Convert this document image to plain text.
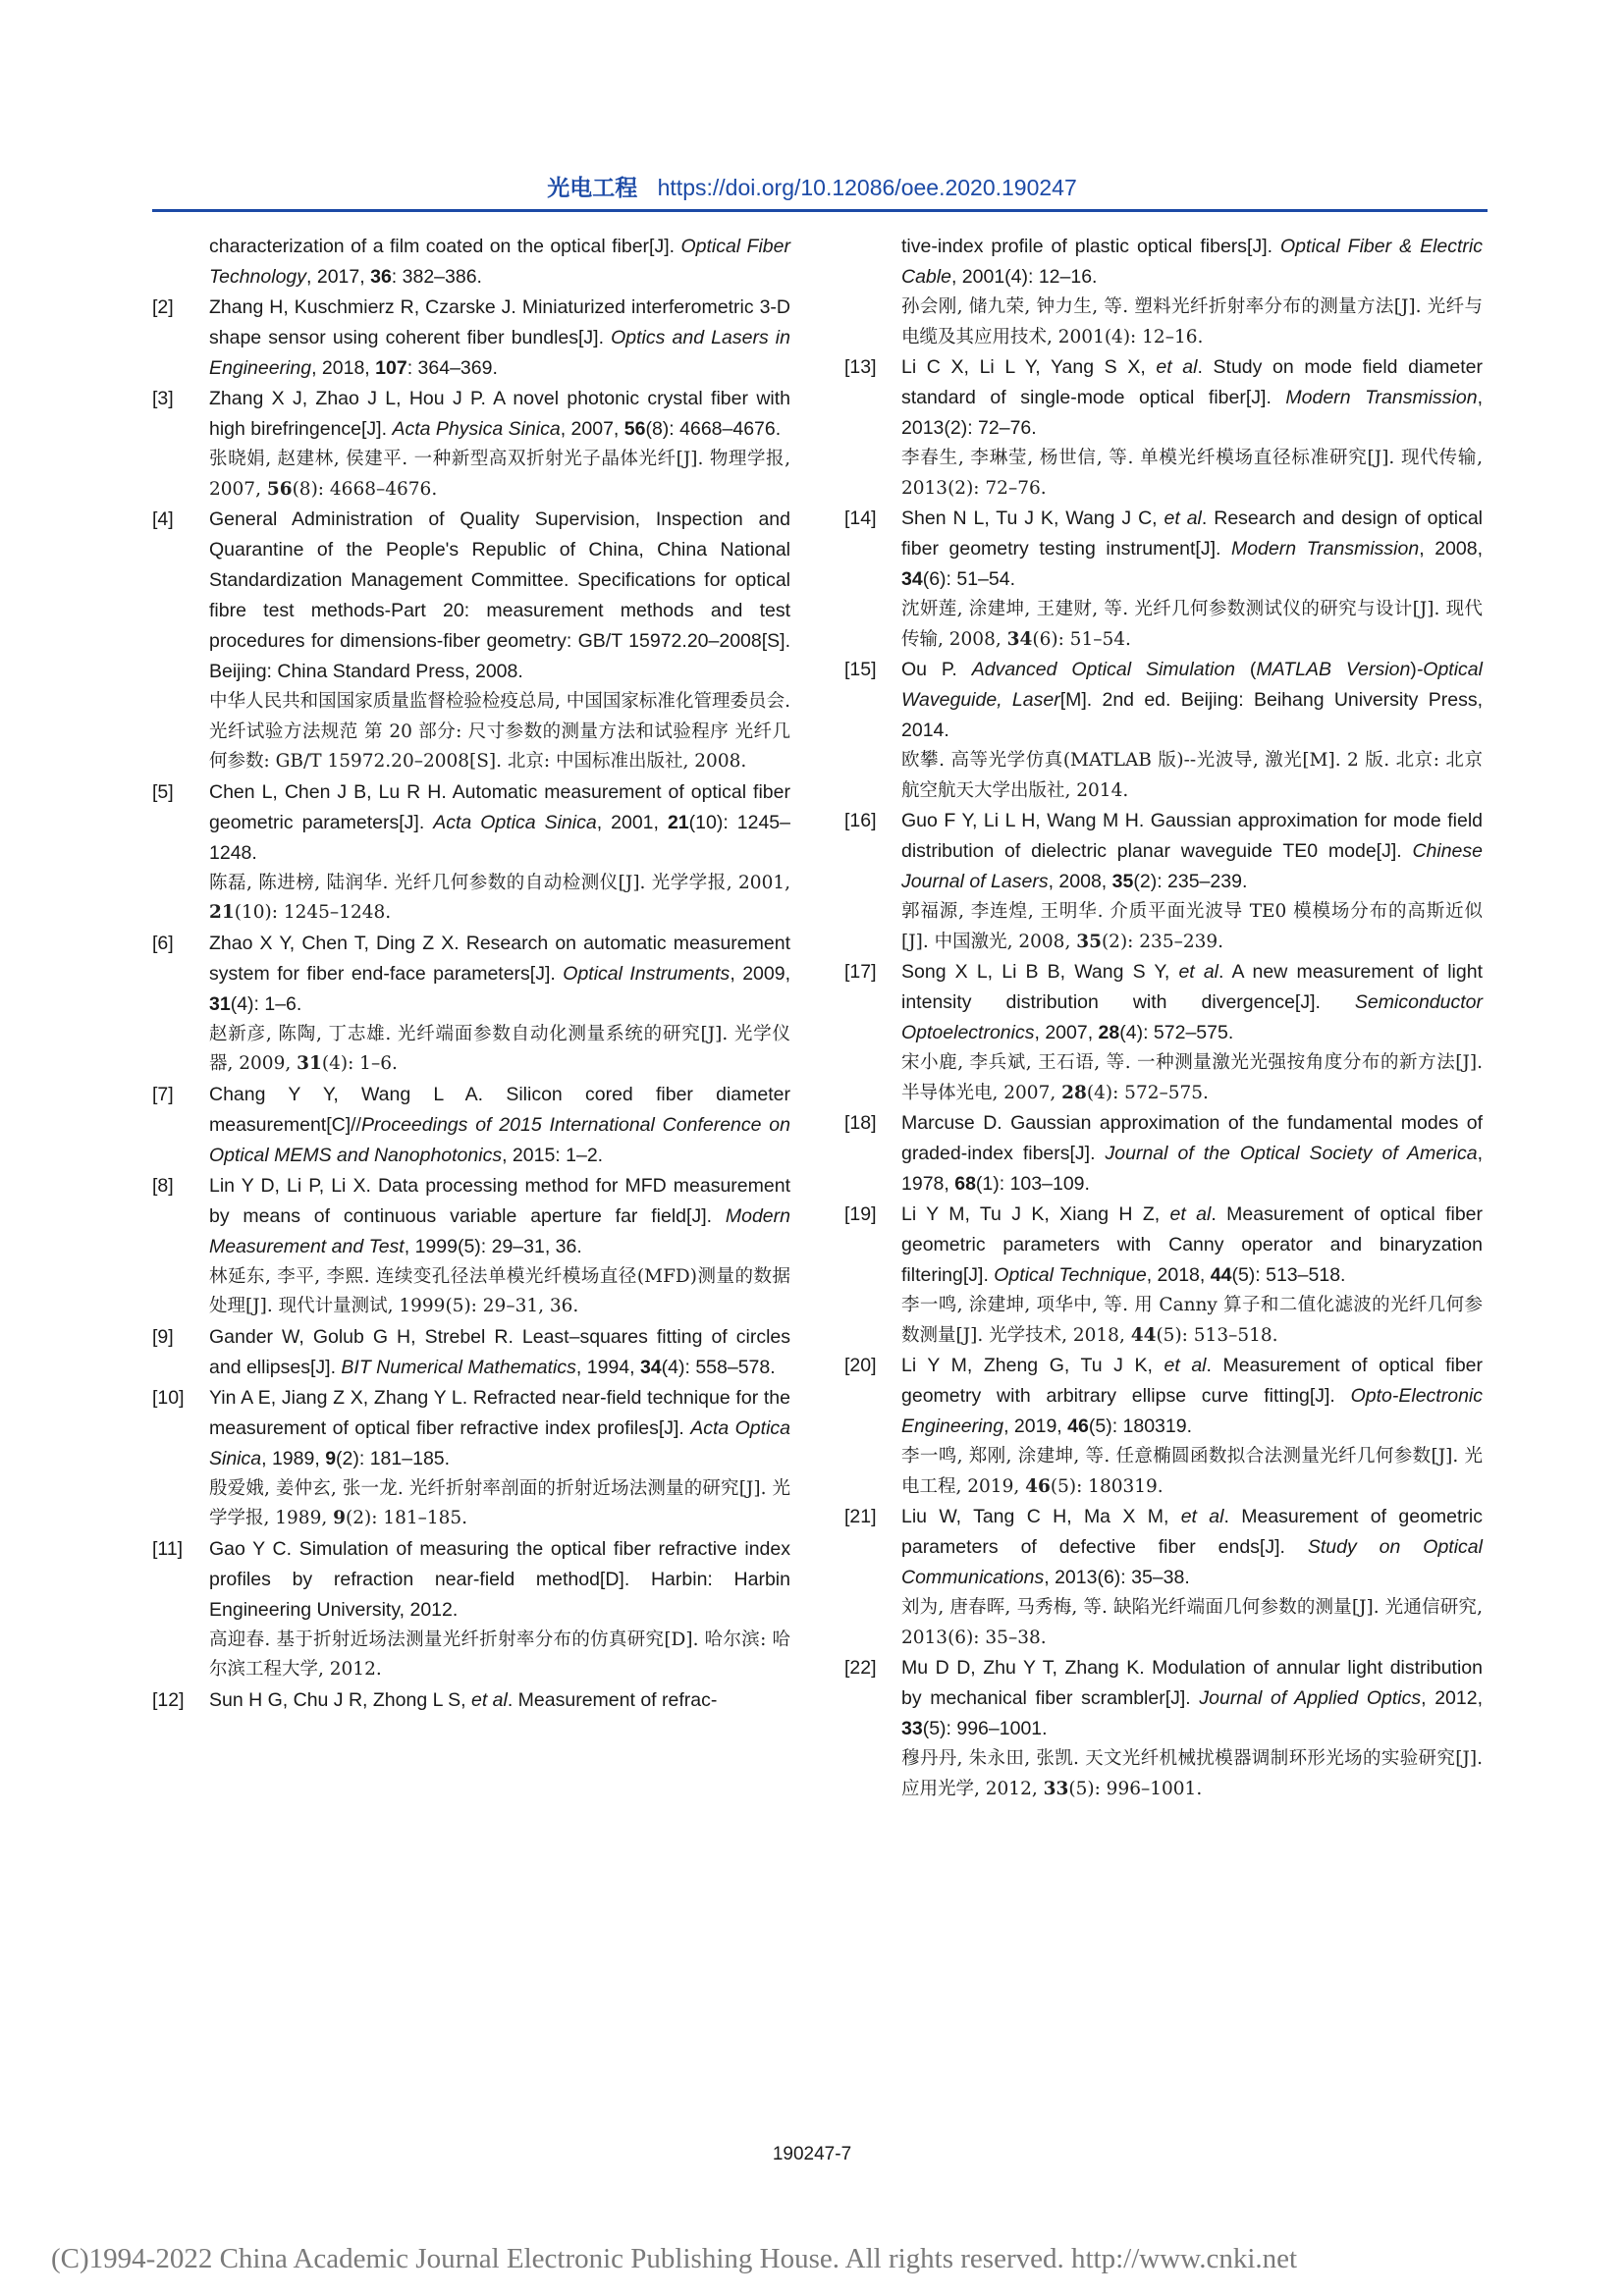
光电工程 https://doi.org/10.12086/oee.2020.190247

characterization of a film coated on the optical fiber[J]. Optical Fiber Technology, 2017, 36: 382–386.

[2] Zhang H, Kuschmierz R, Czarske J. Miniaturized interferometric 3-D shape sensor using coherent fiber bundles[J]. Optics and Lasers in Engineering, 2018, 107: 364–369.

[3] Zhang X J, Zhao J L, Hou J P. A novel photonic crystal fiber with high birefringence[J]. Acta Physica Sinica, 2007, 56(8): 4668–4676.

张晓娟, 赵建林, 侯建平. 一种新型高双折射光子晶体光纤[J]. 物理学报, 2007, 56(8): 4668–4676.

[4] General Administration of Quality Supervision, Inspection and Quarantine of the People's Republic of China, China National Standardization Management Committee. Specifications for optical fibre test methods-Part 20: measurement methods and test procedures for dimensions-fiber geometry: GB/T 15972.20–2008[S]. Beijing: China Standard Press, 2008.

中华人民共和国国家质量监督检验检疫总局, 中国国家标准化管理委员会. 光纤试验方法规范 第 20 部分: 尺寸参数的测量方法和试验程序 光纤几何参数: GB/T 15972.20–2008[S]. 北京: 中国标准出版社, 2008.

[5] Chen L, Chen J B, Lu R H. Automatic measurement of optical fiber geometric parameters[J]. Acta Optica Sinica, 2001, 21(10): 1245–1248.

陈磊, 陈进榜, 陆润华. 光纤几何参数的自动检测仪[J]. 光学学报, 2001, 21(10): 1245–1248.

[6] Zhao X Y, Chen T, Ding Z X. Research on automatic measurement system for fiber end-face parameters[J]. Optical Instruments, 2009, 31(4): 1–6.

赵新彦, 陈陶, 丁志雄. 光纤端面参数自动化测量系统的研究[J]. 光学仪器, 2009, 31(4): 1–6.

[7] Chang Y Y, Wang L A. Silicon cored fiber diameter measurement[C]//Proceedings of 2015 International Conference on Optical MEMS and Nanophotonics, 2015: 1–2.

[8] Lin Y D, Li P, Li X. Data processing method for MFD measurement by means of continuous variable aperture far field[J]. Modern Measurement and Test, 1999(5): 29–31, 36.

林延东, 李平, 李熙. 连续变孔径法单模光纤模场直径(MFD)测量的数据处理[J]. 现代计量测试, 1999(5): 29–31, 36.

[9] Gander W, Golub G H, Strebel R. Least–squares fitting of circles and ellipses[J]. BIT Numerical Mathematics, 1994, 34(4): 558–578.

[10] Yin A E, Jiang Z X, Zhang Y L. Refracted near-field technique for the measurement of optical fiber refractive index profiles[J]. Acta Optica Sinica, 1989, 9(2): 181–185.

殷爱娥, 姜仲玄, 张一龙. 光纤折射率剖面的折射近场法测量的研究[J]. 光学学报, 1989, 9(2): 181–185.

[11] Gao Y C. Simulation of measuring the optical fiber refractive index profiles by refraction near-field method[D]. Harbin: Harbin Engineering University, 2012.

高迎春. 基于折射近场法测量光纤折射率分布的仿真研究[D]. 哈尔滨: 哈尔滨工程大学, 2012.

[12] Sun H G, Chu J R, Zhong L S, et al. Measurement of refrac-

tive-index profile of plastic optical fibers[J]. Optical Fiber & Electric Cable, 2001(4): 12–16.

孙会刚, 储九荣, 钟力生, 等. 塑料光纤折射率分布的测量方法[J]. 光纤与电缆及其应用技术, 2001(4): 12–16.

[13] Li C X, Li L Y, Yang S X, et al. Study on mode field diameter standard of single-mode optical fiber[J]. Modern Transmission, 2013(2): 72–76.

李春生, 李琳莹, 杨世信, 等. 单模光纤模场直径标准研究[J]. 现代传输, 2013(2): 72–76.

[14] Shen N L, Tu J K, Wang J C, et al. Research and design of optical fiber geometry testing instrument[J]. Modern Transmission, 2008, 34(6): 51–54.

沈妍莲, 涂建坤, 王建财, 等. 光纤几何参数测试仪的研究与设计[J]. 现代传输, 2008, 34(6): 51–54.

[15] Ou P. Advanced Optical Simulation (MATLAB Version)-Optical Waveguide, Laser[M]. 2nd ed. Beijing: Beihang University Press, 2014.

欧攀. 高等光学仿真(MATLAB 版)--光波导, 激光[M]. 2 版. 北京: 北京航空航天大学出版社, 2014.

[16] Guo F Y, Li L H, Wang M H. Gaussian approximation for mode field distribution of dielectric planar waveguide TE0 mode[J]. Chinese Journal of Lasers, 2008, 35(2): 235–239.

郭福源, 李连煌, 王明华. 介质平面光波导 TE0 模模场分布的高斯近似[J]. 中国激光, 2008, 35(2): 235–239.

[17] Song X L, Li B B, Wang S Y, et al. A new measurement of light intensity distribution with divergence[J]. Semiconductor Optoelectronics, 2007, 28(4): 572–575.

宋小鹿, 李兵斌, 王石语, 等. 一种测量激光光强按角度分布的新方法[J]. 半导体光电, 2007, 28(4): 572–575.

[18] Marcuse D. Gaussian approximation of the fundamental modes of graded-index fibers[J]. Journal of the Optical Society of America, 1978, 68(1): 103–109.

[19] Li Y M, Tu J K, Xiang H Z, et al. Measurement of optical fiber geometric parameters with Canny operator and binaryzation filtering[J]. Optical Technique, 2018, 44(5): 513–518.

李一鸣, 涂建坤, 项华中, 等. 用 Canny 算子和二值化滤波的光纤几何参数测量[J]. 光学技术, 2018, 44(5): 513–518.

[20] Li Y M, Zheng G, Tu J K, et al. Measurement of optical fiber geometry with arbitrary ellipse curve fitting[J]. Opto-Electronic Engineering, 2019, 46(5): 180319.

李一鸣, 郑刚, 涂建坤, 等. 任意椭圆函数拟合法测量光纤几何参数[J]. 光电工程, 2019, 46(5): 180319.

[21] Liu W, Tang C H, Ma X M, et al. Measurement of geometric parameters of defective fiber ends[J]. Study on Optical Communications, 2013(6): 35–38.

刘为, 唐春晖, 马秀梅, 等. 缺陷光纤端面几何参数的测量[J]. 光通信研究, 2013(6): 35–38.

[22] Mu D D, Zhu Y T, Zhang K. Modulation of annular light distribution by mechanical fiber scrambler[J]. Journal of Applied Optics, 2012, 33(5): 996–1001.

穆丹丹, 朱永田, 张凯. 天文光纤机械扰模器调制环形光场的实验研究[J]. 应用光学, 2012, 33(5): 996–1001.

190247-7
(C)1994-2022 China Academic Journal Electronic Publishing House. All rights reserved. http://www.cnki.net
